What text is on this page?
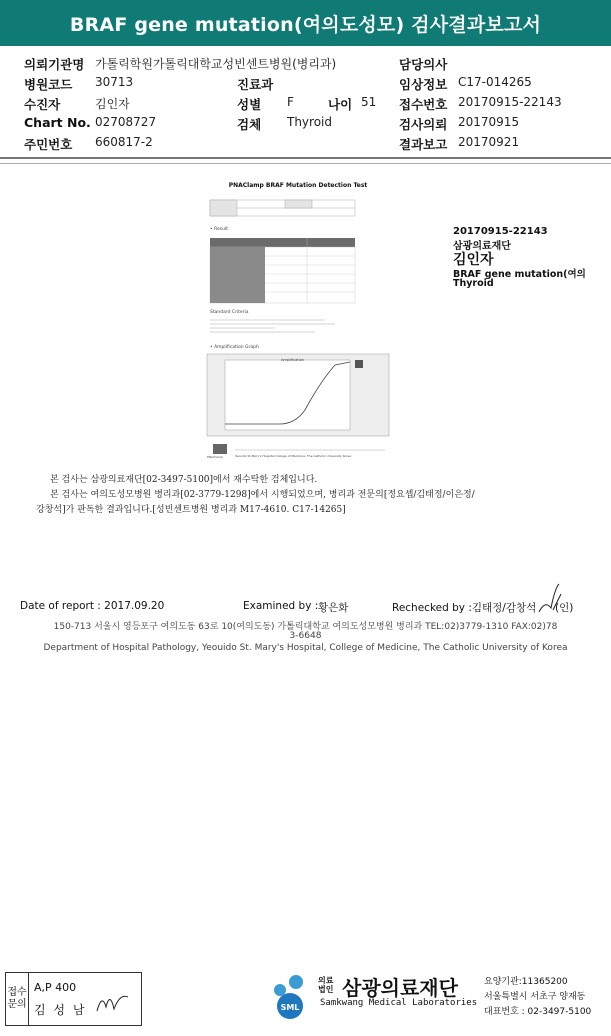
BRAF gene mutation(여의도성모) 검사결과보고서
의뢰기관명 가톨릭학원가톨릭대학교성빈센트병원(병리과)	담당의사
병원코드 30713	진료과	임상정보 C17-014265
수진자	김인자	성별 F	나이 51 접수번호 20170915-22143
Chart No. 02708727	검체 Thyroid	검사의뢰 20170915
주민번호 660817-2	결과보고 20170921
PNAClamp BRAF Mutation Detection Test
• Result
Standard Criteria
• Amplification Graph
Amplification
PNAClamp	Yeouido St.Mary's Hospital College of Medicine, The Catholic University Korea
20170915-22143
삼광의료재단
김인자
BRAF gene mutation(여의
Thyroid
본 검사는 삼광의료재단[02-3497-5100]에서 재수탁한 검체입니다.
본 검사는 여의도성모병원 병리과[02-3779-1298]에서 시행되었으며, 병리과 전문의[정요셉/김태정/이은정/
강창석]가 판독한 결과입니다.[성빈센트병원 병리과 M17-4610. C17-14265]
Date of report : 2017.09.20	Examined by : 황은화	Rechecked by :김태정/감창석 (인)
150-713 서울시 영등포구 여의도동 63로 10(여의도동) 가톨릭대학교 여의도성모병원 병리과 TEL:02)3779-1310 FAX:02)78
3-6648
Department of Hospital Pathology, Yeouido St. Mary's Hospital, College of Medicine, The Catholic University of Korea
접수문의
A,P 400
김 성 남	SML
의료
법인 삼광의료재단
Samkwang Medical Laboratories
요양기관:11365200
서울특별시 서초구 양재동
대표번호 : 02-3497-5100
